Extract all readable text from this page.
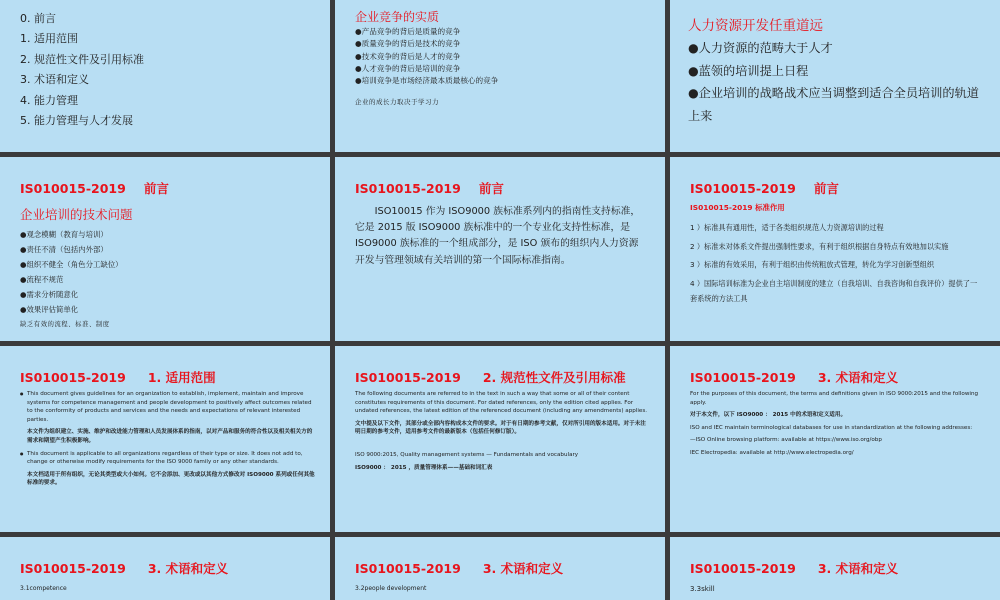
0. 前言
1. 适用范围
2. 规范性文件及引用标准
3. 术语和定义
4. 能力管理
5. 能力管理与人才发展
企业竞争的实质
●产品竞争的背后是质量的竞争
●质量竞争的背后是技术的竞争
●技术竞争的背后是人才的竞争
●人才竞争的背后是培训的竞争
●培训竞争是市场经济最本质最核心的竞争
企业的成长力取决于学习力
人力资源开发任重道远
●人力资源的范畴大于人才
●蓝领的培训提上日程
●企业培训的战略战术应当调整到适合全员培训的轨道上来
IS010015-2019 前言
企业培训的技术问题
●观念模糊（教育与培训）
●责任不清（包括内外部）
●组织不健全（角色分工缺位）
●流程不规范
●需求分析随意化
●效果评估简单化
缺乏有效的流程、标准、制度
IS010015-2019 前言
ISO10015 作为 ISO9000 族标准系列内的指南性支持标准，它是 2015 版 ISO9000 族标准中的一个专业化支持性标准，是 ISO9000 族标准的一个组成部分，是 ISO 颁布的组织内人力资源开发与管理领域有关培训的第一个国际标准指南。
IS010015-2019 前言
IS010015-2019 标准作用
1 ）标准具有通用性，适于各类组织规范人力资源培训的过程
2 ）标准未对体系文件提出强制性要求，有利于组织根据自身特点有效地加以实施
3 ）标准的有效采用，有利于组织由传统粗放式管理，转化为学习创新型组织
4 ）国际培训标准为企业自主培训制度的建立（自我培训、自我咨询和自我评价）提供了一套系统的方法工具
IS010015-2019 1. 适用范围

● This document gives guidelines for an organization to establish, implement, maintain and improve systems for competence management and people development to positively affect outcomes related to the conformity of products and services and the needs and expectations of relevant interested parties.

本文件为组织建立、实施、维护和改进能力管理和人员发展体系的指南，以对产品和服务的符合性以及相关相关方的需求和期望产生积极影响。

● This document is applicable to all organizations regardless of their type or size. It does not add to, change or otherwise modify requirements for the ISO 9000 family or any other standards.

本文档适用于所有组织，无论其类型或大小如何。它不会添加、更改或以其他方式修改对 ISO9000 系列或任何其他标准的要求。

IS010015-2019 2. 规范性文件及引用标准

The following documents are referred to in the text in such a way that some or all of their content constitutes requirements of this document. For dated references, only the edition cited applies. For undated references, the latest edition of the referenced document (including any amendments) applies.

文中提及以下文件，其部分或全部内容构成本文件的要求。对于有日期的参考文献，仅对所引用的版本适用。对于未注明日期的参考文件，适用参考文件的最新版本（包括任何修订版）。

ISO 9000:2015, Quality management systems — Fundamentals and vocabulary

ISO9000 ： 2015 ，质量管理体系——基础和词汇表

IS010015-2019 3. 术语和定义

For the purposes of this document, the terms and definitions given in ISO 9000:2015 and the following apply.

对于本文件，以下 ISO9000 ： 2015 中的术语和定义适用。

ISO and IEC maintain terminological databases for use in standardization at the following addresses:

—ISO Online browsing platform: available at https://www.iso.org/obp

IEC Electropedia: available at http://www.electropedia.org/

IS010015-2019 3. 术语和定义
3.1competence
IS010015-2019 3. 术语和定义
3.2people development
IS010015-2019 3. 术语和定义
3.3skill
